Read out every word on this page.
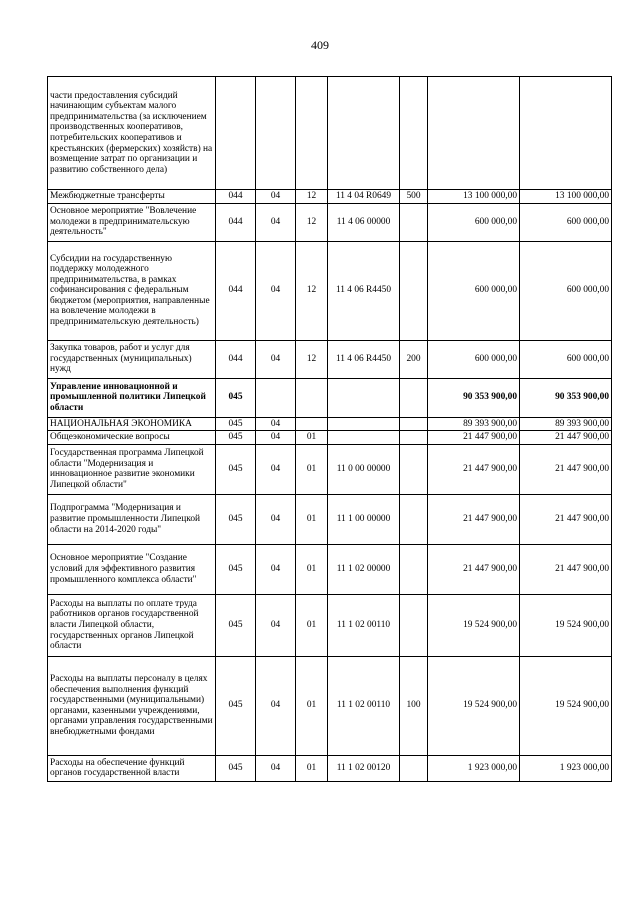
409
части предоставления субсидий начинающим субъектам малого предпринимательства (за исключением производственных кооперативов, потребительских кооперативов и крестьянских (фермерских) хозяйств) на возмещение затрат по организации и развитию собственного дела)							
Межбюджетные трансферты	044	04	12	11 4 04 R0649	500	13 100 000,00	13 100 000,00
Основное мероприятие "Вовлечение молодежи в предпринимательскую деятельность"	044	04	12	11 4 06 00000		600 000,00	600 000,00
Субсидии на государственную поддержку молодежного предпринимательства, в рамках софинансирования с федеральным бюджетом (мероприятия, направленные на вовлечение молодежи в предпринимательскую деятельность)	044	04	12	11 4 06 R4450		600 000,00	600 000,00
Закупка товаров, работ и услуг для государственных (муниципальных) нужд	044	04	12	11 4 06 R4450	200	600 000,00	600 000,00
Управление инновационной и промышленной политики Липецкой области	045					90 353 900,00	90 353 900,00
НАЦИОНАЛЬНАЯ ЭКОНОМИКА	045	04				89 393 900,00	89 393 900,00
Общеэкономические вопросы	045	04	01			21 447 900,00	21 447 900,00
Государственная программа Липецкой области "Модернизация и инновационное развитие экономики Липецкой области"	045	04	01	11 0 00 00000		21 447 900,00	21 447 900,00
Подпрограмма "Модернизация и развитие промышленности Липецкой области на 2014-2020 годы"	045	04	01	11 1 00 00000		21 447 900,00	21 447 900,00
Основное мероприятие "Создание условий для эффективного развития промышленного комплекса области"	045	04	01	11 1 02 00000		21 447 900,00	21 447 900,00
Расходы на выплаты по оплате труда работников органов государственной власти Липецкой области, государственных органов Липецкой области	045	04	01	11 1 02 00110		19 524 900,00	19 524 900,00
Расходы на выплаты персоналу в целях обеспечения выполнения функций государственными (муниципальными) органами, казенными учреждениями, органами управления государственными внебюджетными фондами	045	04	01	11 1 02 00110	100	19 524 900,00	19 524 900,00
Расходы на обеспечение функций органов государственной власти	045	04	01	11 1 02 00120		1 923 000,00	1 923 000,00
